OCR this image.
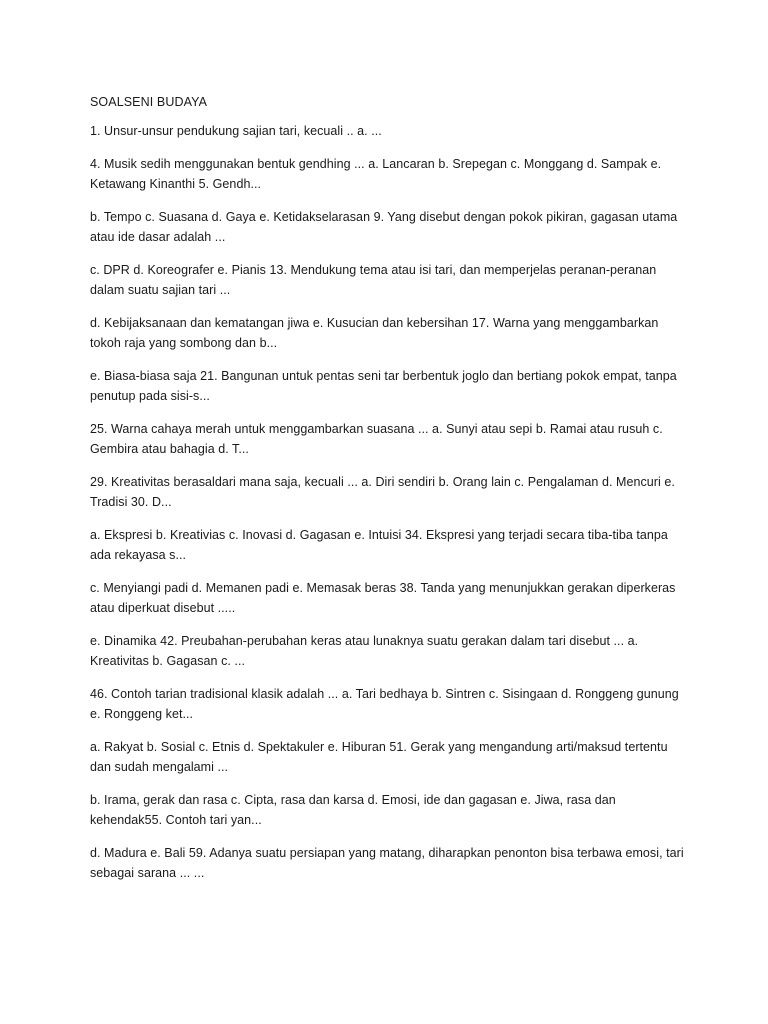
SOALSENI BUDAYA

1. Unsur-unsur pendukung sajian tari, kecuali .. a. ...

4. Musik sedih menggunakan bentuk gendhing ... a. Lancaran b. Srepegan c. Monggang d. Sampak e. Ketawang Kinanthi 5. Gendh...

b. Tempo c. Suasana d. Gaya e. Ketidakselarasan 9. Yang disebut dengan pokok pikiran, gagasan utama atau ide dasar adalah ...

c. DPR d. Koreografer e. Pianis 13. Mendukung tema atau isi tari, dan memperjelas peranan-peranan dalam suatu sajian tari ...

d. Kebijaksanaan dan kematangan jiwa e. Kusucian dan kebersihan 17. Warna yang menggambarkan tokoh raja yang sombong dan b...

e. Biasa-biasa saja 21. Bangunan untuk pentas seni tar berbentuk joglo dan bertiang pokok empat, tanpa penutup pada sisi-s...

25. Warna cahaya merah untuk menggambarkan suasana ... a. Sunyi atau sepi b. Ramai atau rusuh c. Gembira atau bahagia d. T...

29. Kreativitas berasaldari mana saja, kecuali ... a. Diri sendiri b. Orang lain c. Pengalaman d. Mencuri e. Tradisi 30. D...

a. Ekspresi b. Kreativias c. Inovasi d. Gagasan e. Intuisi 34. Ekspresi yang terjadi secara tiba-tiba tanpa ada rekayasa s...

c. Menyiangi padi d. Memanen padi e. Memasak beras 38. Tanda yang menunjukkan gerakan diperkeras atau diperkuat disebut .....

e. Dinamika 42. Preubahan-perubahan keras atau lunaknya suatu gerakan dalam tari disebut ... a. Kreativitas b. Gagasan c. ...

46. Contoh tarian tradisional klasik adalah ... a. Tari bedhaya b. Sintren c. Sisingaan d. Ronggeng gunung e. Ronggeng ket...

a. Rakyat b. Sosial c. Etnis d. Spektakuler e. Hiburan 51. Gerak yang mengandung arti/maksud tertentu dan sudah mengalami ...

b. Irama, gerak dan rasa c. Cipta, rasa dan karsa d. Emosi, ide dan gagasan e. Jiwa, rasa dan kehendak55. Contoh tari yan...

d. Madura e. Bali 59. Adanya suatu persiapan yang matang, diharapkan penonton bisa terbawa emosi, tari sebagai sarana ... ...
